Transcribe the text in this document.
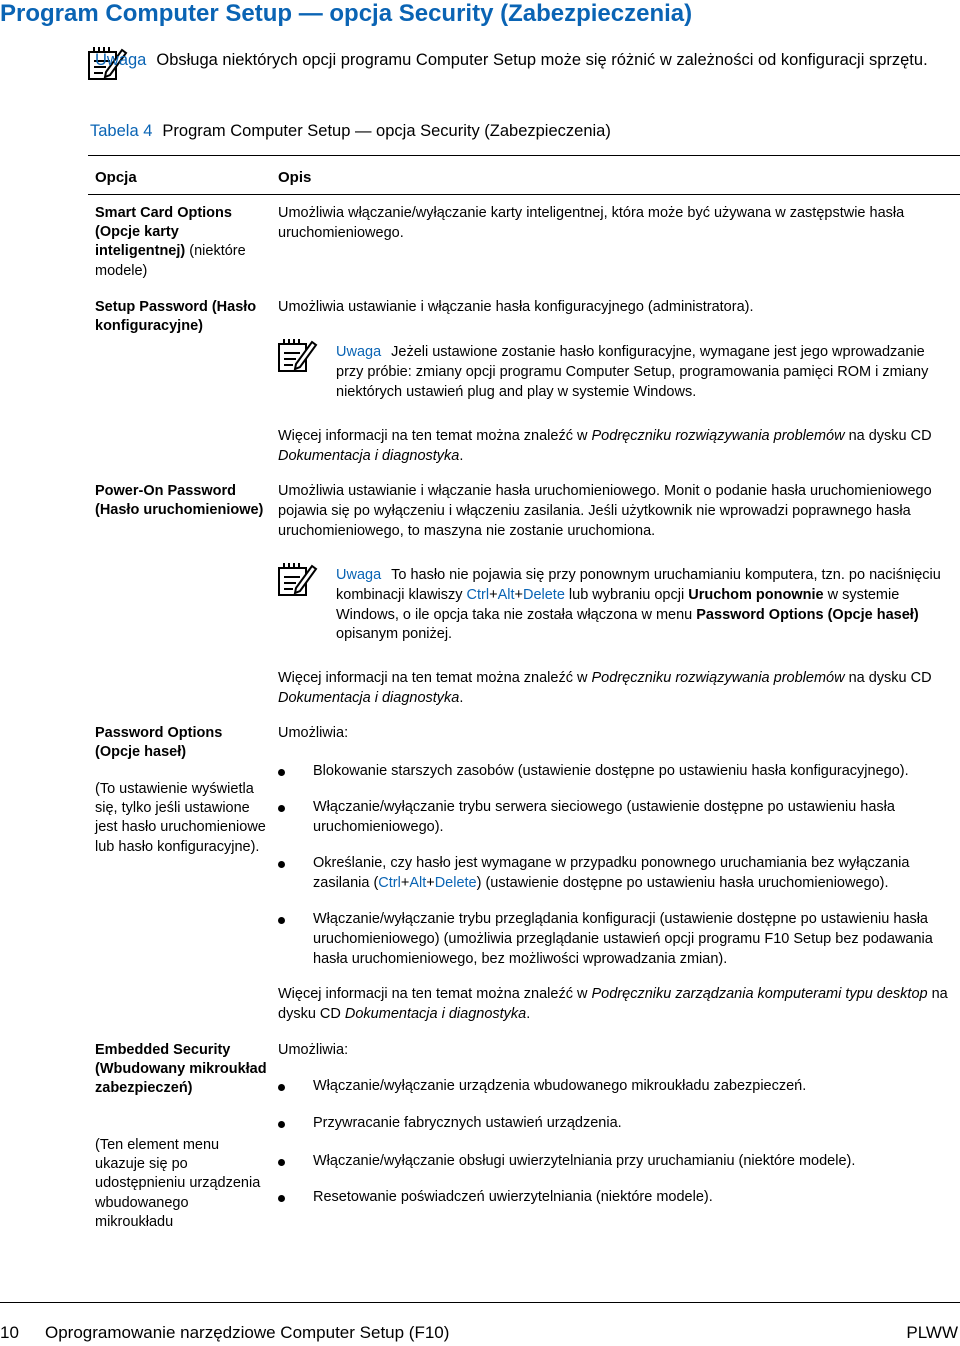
Program Computer Setup — opcja Security (Zabezpieczenia)
Uwaga Obsługa niektórych opcji programu Computer Setup może się różnić w zależności od konfiguracji sprzętu.
Tabela 4 Program Computer Setup — opcja Security (Zabezpieczenia)
Opcja	Opis
Smart Card Options (Opcje karty inteligentnej) (niektóre modele)
Umożliwia włączanie/wyłączanie karty inteligentnej, która może być używana w zastępstwie hasła uruchomieniowego.
Setup Password (Hasło konfiguracyjne)
Umożliwia ustawianie i włączanie hasła konfiguracyjnego (administratora).
Uwaga Jeżeli ustawione zostanie hasło konfiguracyjne, wymagane jest jego wprowadzanie przy próbie: zmiany opcji programu Computer Setup, programowania pamięci ROM i zmiany niektórych ustawień plug and play w systemie Windows.
Więcej informacji na ten temat można znaleźć w Podręczniku rozwiązywania problemów na dysku CD Dokumentacja i diagnostyka.
Power-On Password (Hasło uruchomieniowe)
Umożliwia ustawianie i włączanie hasła uruchomieniowego. Monit o podanie hasła uruchomieniowego pojawia się po wyłączeniu i włączeniu zasilania. Jeśli użytkownik nie wprowadzi poprawnego hasła uruchomieniowego, to maszyna nie zostanie uruchomiona.
Uwaga To hasło nie pojawia się przy ponownym uruchamianiu komputera, tzn. po naciśnięciu kombinacji klawiszy Ctrl+Alt+Delete lub wybraniu opcji Uruchom ponownie w systemie Windows, o ile opcja taka nie została włączona w menu Password Options (Opcje haseł) opisanym poniżej.
Więcej informacji na ten temat można znaleźć w Podręczniku rozwiązywania problemów na dysku CD Dokumentacja i diagnostyka.
Password Options (Opcje haseł)
(To ustawienie wyświetla się, tylko jeśli ustawione jest hasło uruchomieniowe lub hasło konfiguracyjne).
Umożliwia:
Blokowanie starszych zasobów (ustawienie dostępne po ustawieniu hasła konfiguracyjnego).
Włączanie/wyłączanie trybu serwera sieciowego (ustawienie dostępne po ustawieniu hasła uruchomieniowego).
Określanie, czy hasło jest wymagane w przypadku ponownego uruchamiania bez wyłączania zasilania (Ctrl+Alt+Delete) (ustawienie dostępne po ustawieniu hasła uruchomieniowego).
Włączanie/wyłączanie trybu przeglądania konfiguracji (ustawienie dostępne po ustawieniu hasła uruchomieniowego) (umożliwia przeglądanie ustawień opcji programu F10 Setup bez podawania hasła uruchomieniowego, bez możliwości wprowadzania zmian).
Więcej informacji na ten temat można znaleźć w Podręczniku zarządzania komputerami typu desktop na dysku CD Dokumentacja i diagnostyka.
Embedded Security (Wbudowany mikroukład zabezpieczeń)
(Ten element menu ukazuje się po udostępnieniu urządzenia wbudowanego mikroukładu
Umożliwia:
Włączanie/wyłączanie urządzenia wbudowanego mikroukładu zabezpieczeń.
Przywracanie fabrycznych ustawień urządzenia.
Włączanie/wyłączanie obsługi uwierzytelniania przy uruchamianiu (niektóre modele).
Resetowanie poświadczeń uwierzytelniania (niektóre modele).
10 Oprogramowanie narzędziowe Computer Setup (F10)	PLWW
